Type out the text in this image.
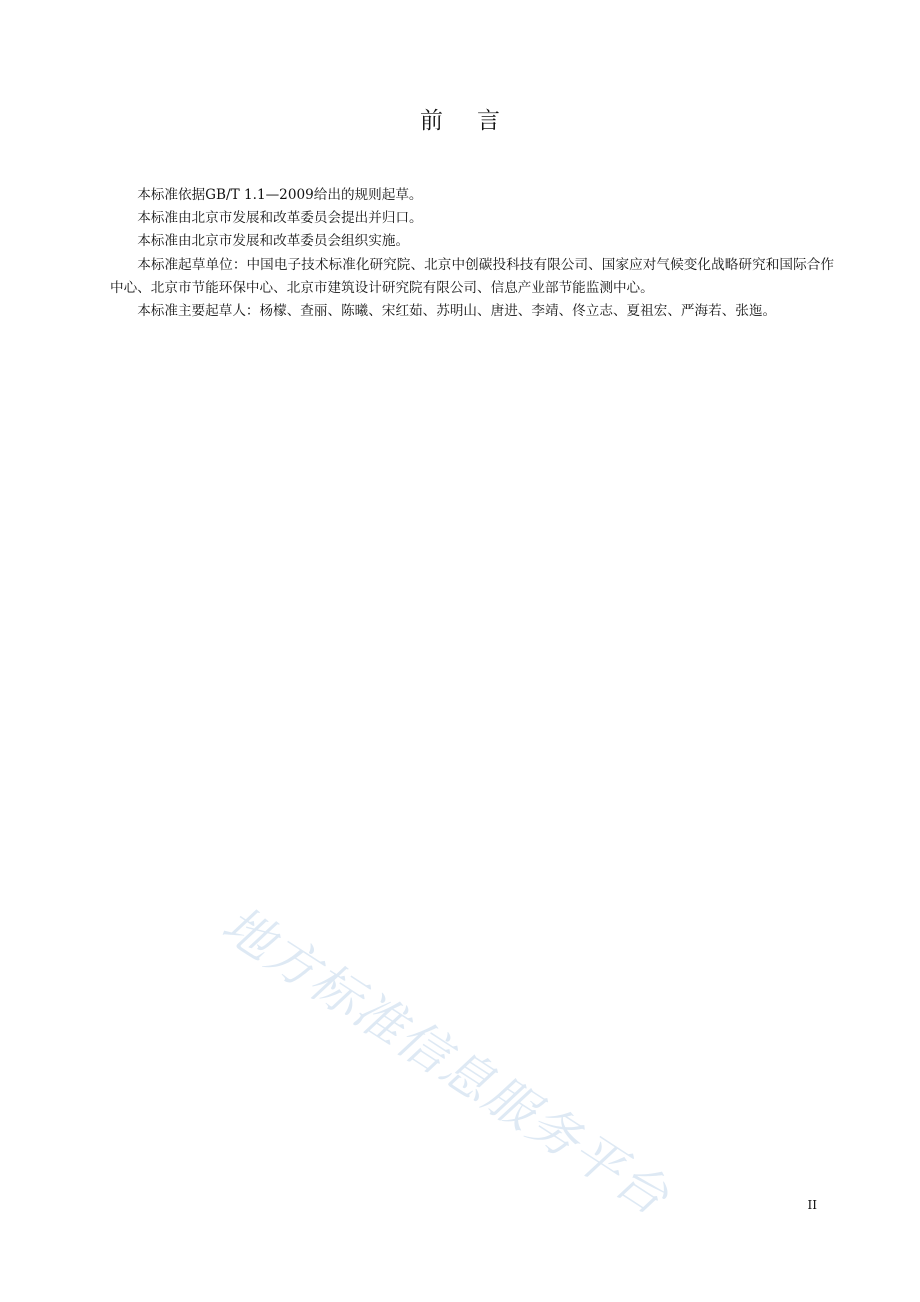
前言

本标准依据GB/T 1.1—2009给出的规则起草。

本标准由北京市发展和改革委员会提出并归口。

本标准由北京市发展和改革委员会组织实施。

本标准起草单位：中国电子技术标准化研究院、北京中创碳投科技有限公司、国家应对气候变化战略研究和国际合作中心、北京市节能环保中心、北京市建筑设计研究院有限公司、信息产业部节能监测中心。

本标准主要起草人：杨檬、查丽、陈曦、宋红茹、苏明山、唐进、李靖、佟立志、夏祖宏、严海若、张迤。

地方标准信息服务平台	II
